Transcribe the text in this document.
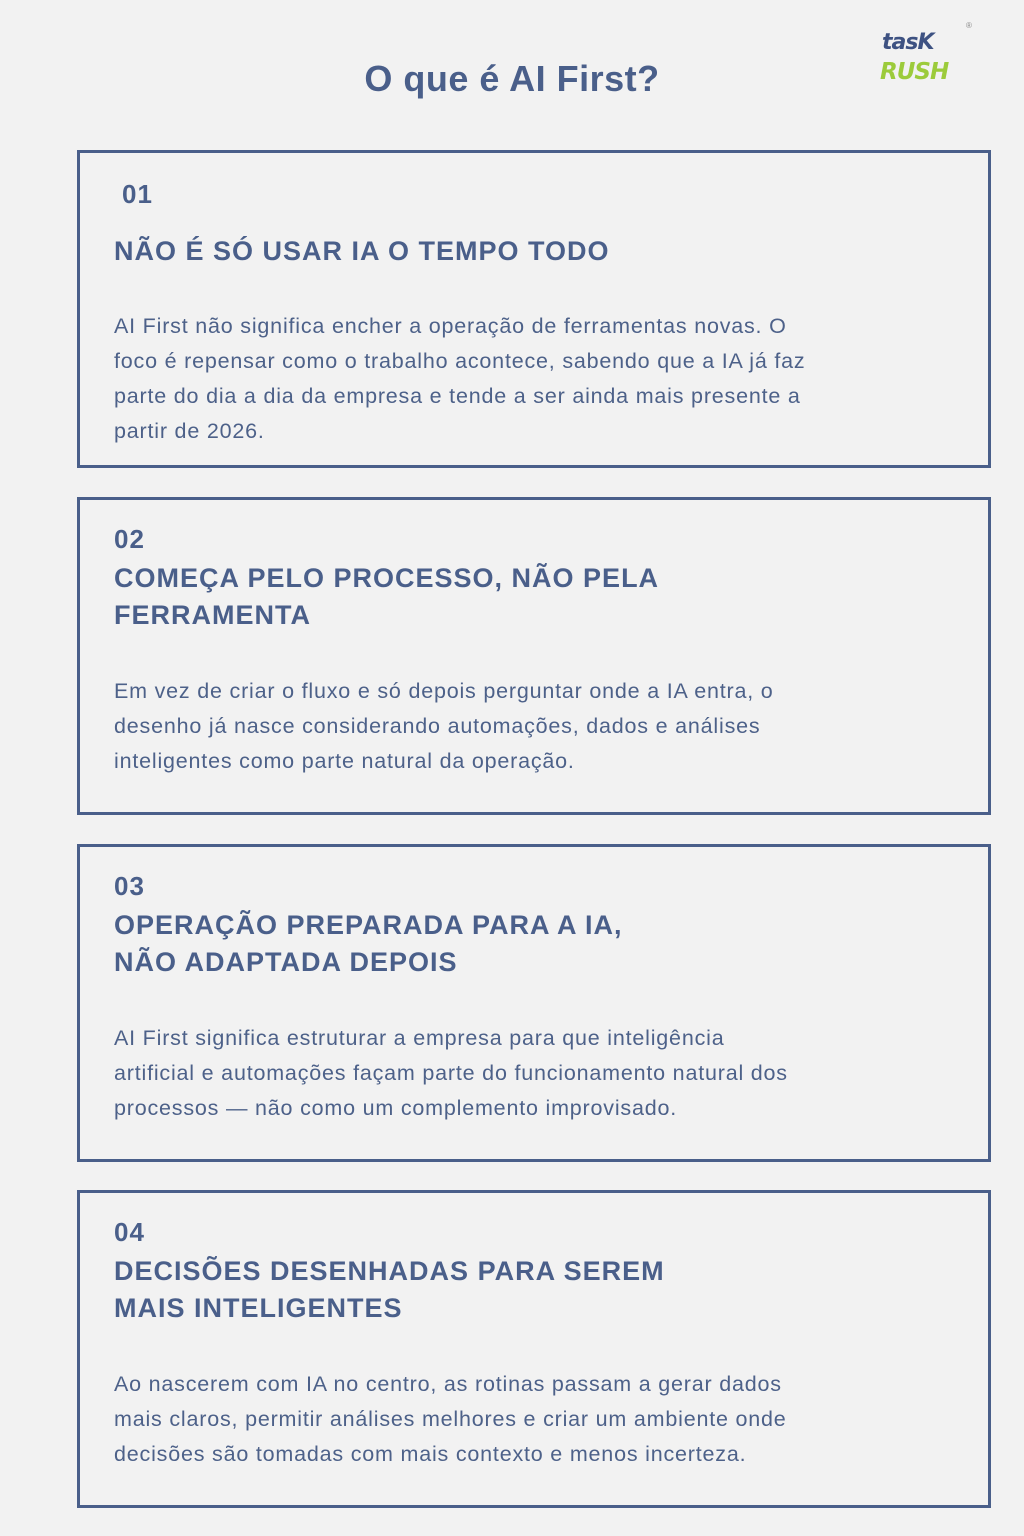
O que é AI First?
tasK
RUSH
®
01
NÃO É SÓ USAR IA O TEMPO TODO
AI First não significa encher a operação de ferramentas novas. O
foco é repensar como o trabalho acontece, sabendo que a IA já faz
parte do dia a dia da empresa e tende a ser ainda mais presente a
partir de 2026.
02
COMEÇA PELO PROCESSO, NÃO PELA
FERRAMENTA
Em vez de criar o fluxo e só depois perguntar onde a IA entra, o
desenho já nasce considerando automações, dados e análises
inteligentes como parte natural da operação.
03
OPERAÇÃO PREPARADA PARA A IA,
NÃO ADAPTADA DEPOIS
AI First significa estruturar a empresa para que inteligência
artificial e automações façam parte do funcionamento natural dos
processos — não como um complemento improvisado.
04
DECISÕES DESENHADAS PARA SEREM
MAIS INTELIGENTES
Ao nascerem com IA no centro, as rotinas passam a gerar dados
mais claros, permitir análises melhores e criar um ambiente onde
decisões são tomadas com mais contexto e menos incerteza.
